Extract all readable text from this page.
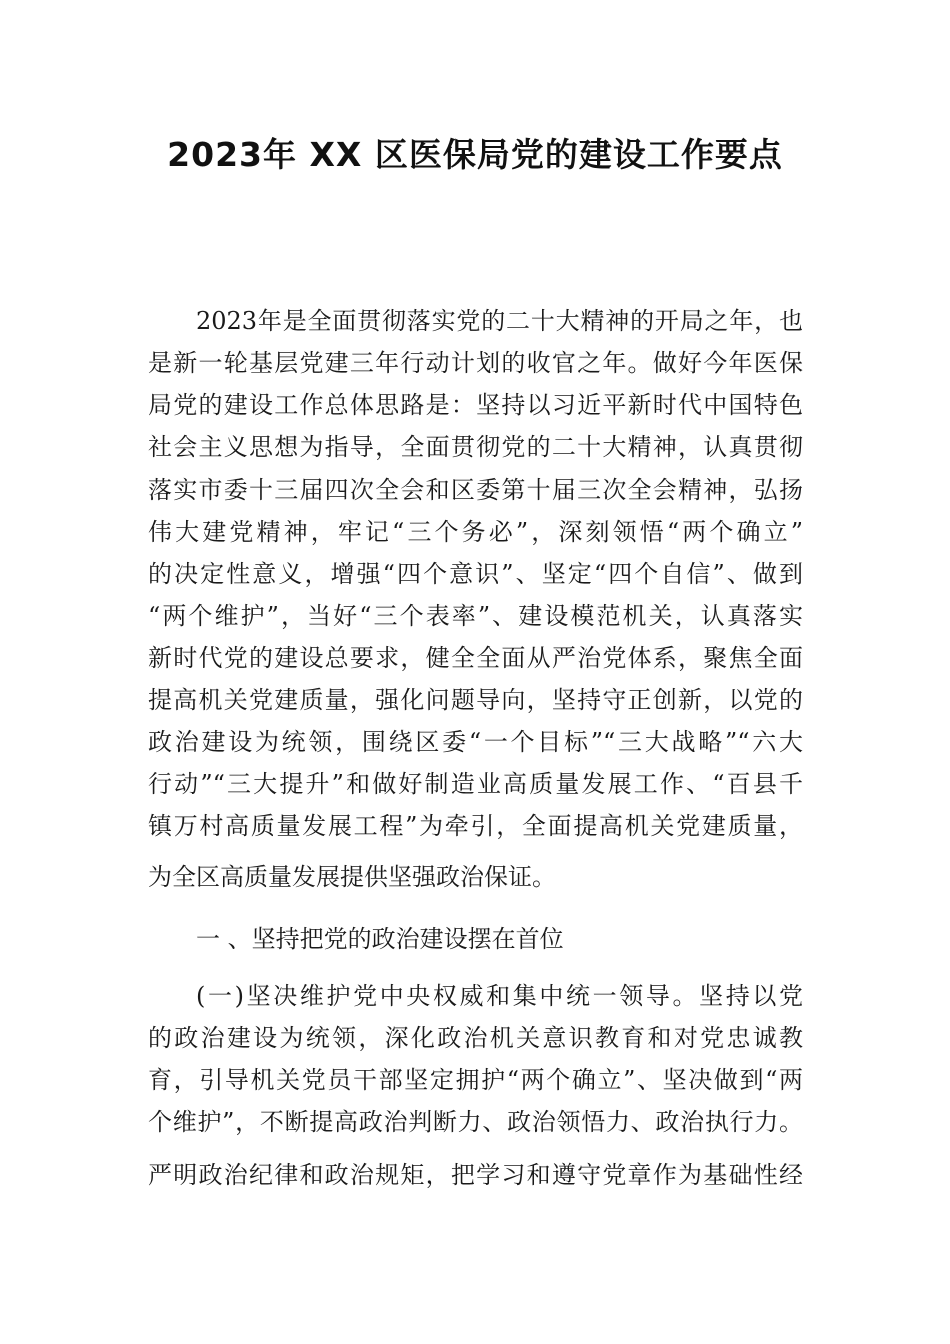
2023年 XX 区医保局党的建设工作要点

2023年是全面贯彻落实党的二十大精神的开局之年，也

是新一轮基层党建三年行动计划的收官之年。做好今年医保

局党的建设工作总体思路是：坚持以习近平新时代中国特色

社会主义思想为指导，全面贯彻党的二十大精神，认真贯彻

落实市委十三届四次全会和区委第十届三次全会精神，弘扬

伟大建党精神，牢记“三个务必”，深刻领悟“两个确立”

的决定性意义，增强“四个意识”、坚定“四个自信”、做到

“两个维护”，当好“三个表率”、建设模范机关，认真落实

新时代党的建设总要求，健全全面从严治党体系，聚焦全面

提高机关党建质量，强化问题导向，坚持守正创新，以党的

政治建设为统领，围绕区委“一个目标”“三大战略”“六大

行动”“三大提升”和做好制造业高质量发展工作、“百县千

镇万村高质量发展工程”为牵引，全面提高机关党建质量，

为全区高质量发展提供坚强政治保证。

一 、坚持把党的政治建设摆在首位

(一)坚决维护党中央权威和集中统一领导。坚持以党

的政治建设为统领，深化政治机关意识教育和对党忠诚教

育，引导机关党员干部坚定拥护“两个确立”、坚决做到“两

个维护”，不断提高政治判断力、政治领悟力、政治执行力。

严明政治纪律和政治规矩，把学习和遵守党章作为基础性经
